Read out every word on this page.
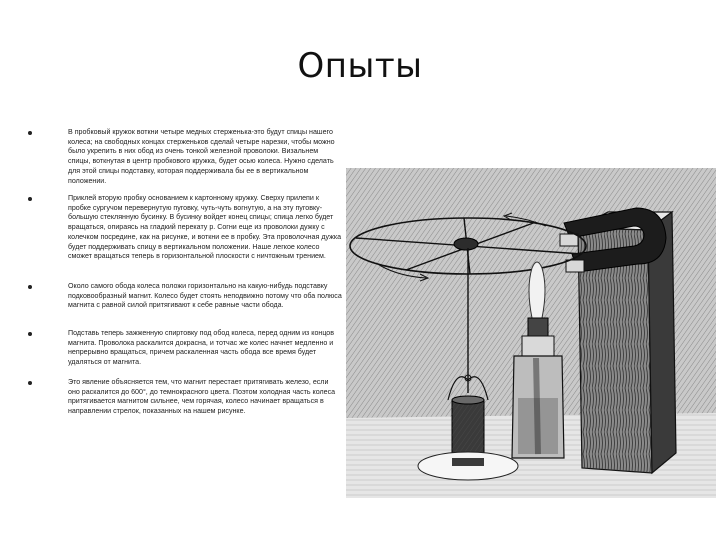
Опыты
В пробковый кружок воткни четыре медных стерженька-это будут спицы нашего колеса; на свободных концах стерженьков сделай четыре нарезки, чтобы можно было укрепить в них обод из очень тонкой железной проволоки. Визальнем спицы, воткнутая в центр пробкового кружка, будет осью колеса. Нужно сделать для этой спицы подставку, которая поддерживала бы ее в вертикальном положении.
Приклей вторую пробку основанием к картонному кружку. Сверху прилепи к пробке сургучом перевернутую пуговку, чуть-чуть вогнутую, а на эту пуговку-большую стеклянную бусинку. В бусинку войдет конец спицы; спица легко будет вращаться, опираясь на гладкий перекату р. Согни еще из проволоки дужку с колечком посредине, как на рисунке, и воткни ее в пробку. Эта проволочная дужка будет поддерживать спицу в вертикальном положении. Наше легкое колесо сможет вращаться теперь в горизонтальной плоскости с ничтожным трением.
Около самого обода колеса положи горизонтально на какую-нибудь подставку подковообразный магнит. Колесо будет стоять неподвижно потому что оба полюса магнита с равной силой притягивают к себе равные части обода.
Подставь теперь зажженную спиртовку под обод колеса, перед одним из концов магнита. Проволока раскалится докрасна, и тотчас же колес начнет медленно и непрерывно вращаться, причем раскаленная часть обода все время будет удаляться от магнита.
Это явление объясняется тем, что магнит перестает притягивать железо, если оно раскалится до 600°, до темнокрасного цвета. Поэтом холодная часть колеса притягивается магнитом сильнее, чем горячая, колесо начинает вращаться в направлении стрелок, показанных на нашем рисунке.
